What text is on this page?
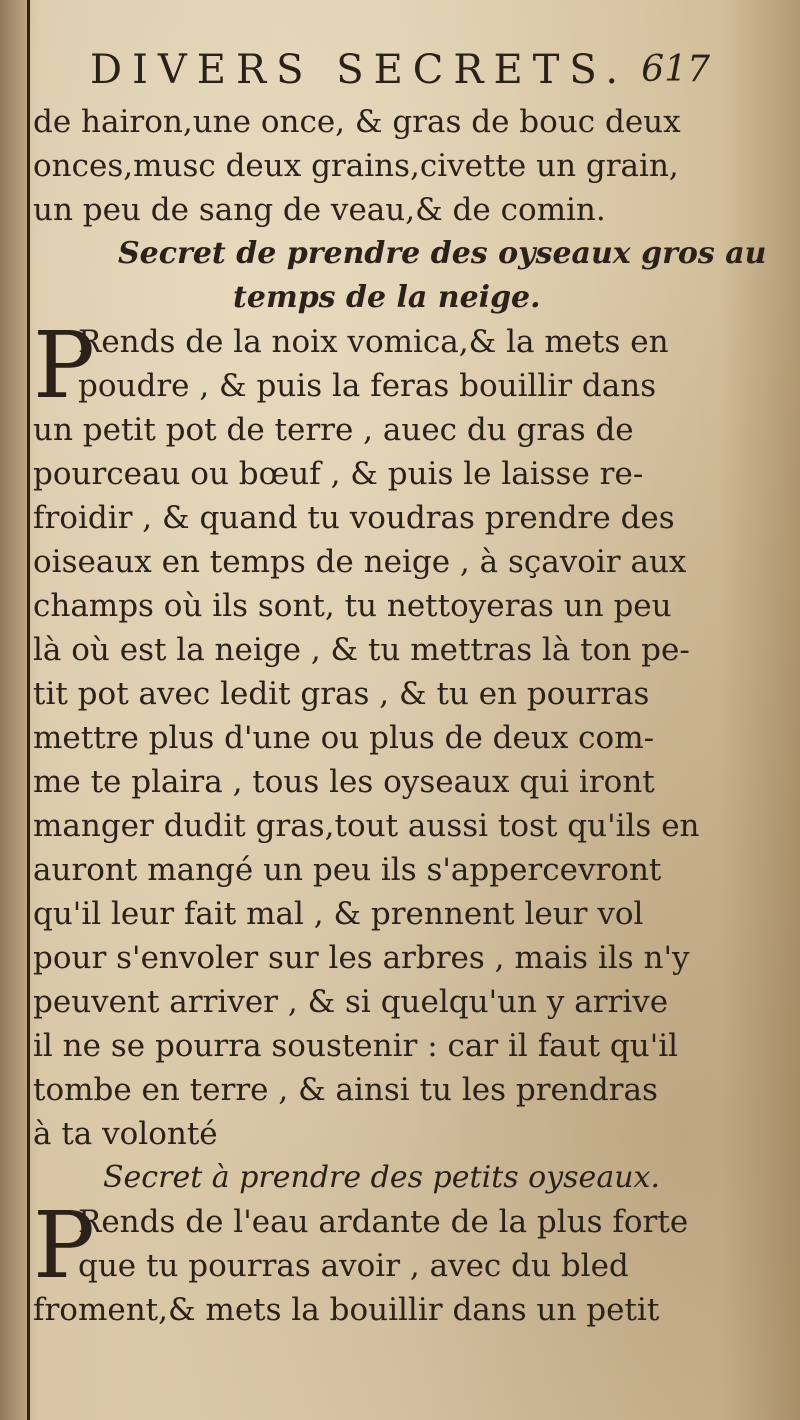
DIVERS SECRETS. 617
de hairon,une once, & gras de bouc deux
onces,musc deux grains,civette un grain,
un peu de sang de veau,& de comin.
Secret de prendre des oyseaux gros au
temps de la neige.
P
Rends de la noix vomica,& la mets en
poudre , & puis la feras bouillir dans
un petit pot de terre , auec du gras de
pourceau ou bœuf , & puis le laisse re-
froidir , & quand tu voudras prendre des
oiseaux en temps de neige , à sçavoir aux
champs où ils sont, tu nettoyeras un peu
là où est la neige , & tu mettras là ton pe-
tit pot avec ledit gras , & tu en pourras
mettre plus d'une ou plus de deux com-
me te plaira , tous les oyseaux qui iront
manger dudit gras,tout aussi tost qu'ils en
auront mangé un peu ils s'appercevront
qu'il leur fait mal , & prennent leur vol
pour s'envoler sur les arbres , mais ils n'y
peuvent arriver , & si quelqu'un y arrive
il ne se pourra soustenir : car il faut qu'il
tombe en terre , & ainsi tu les prendras
à ta volonté
Secret à prendre des petits oyseaux.
P
Rends de l'eau ardante de la plus forte
que tu pourras avoir , avec du bled
froment,& mets la bouillir dans un petit
